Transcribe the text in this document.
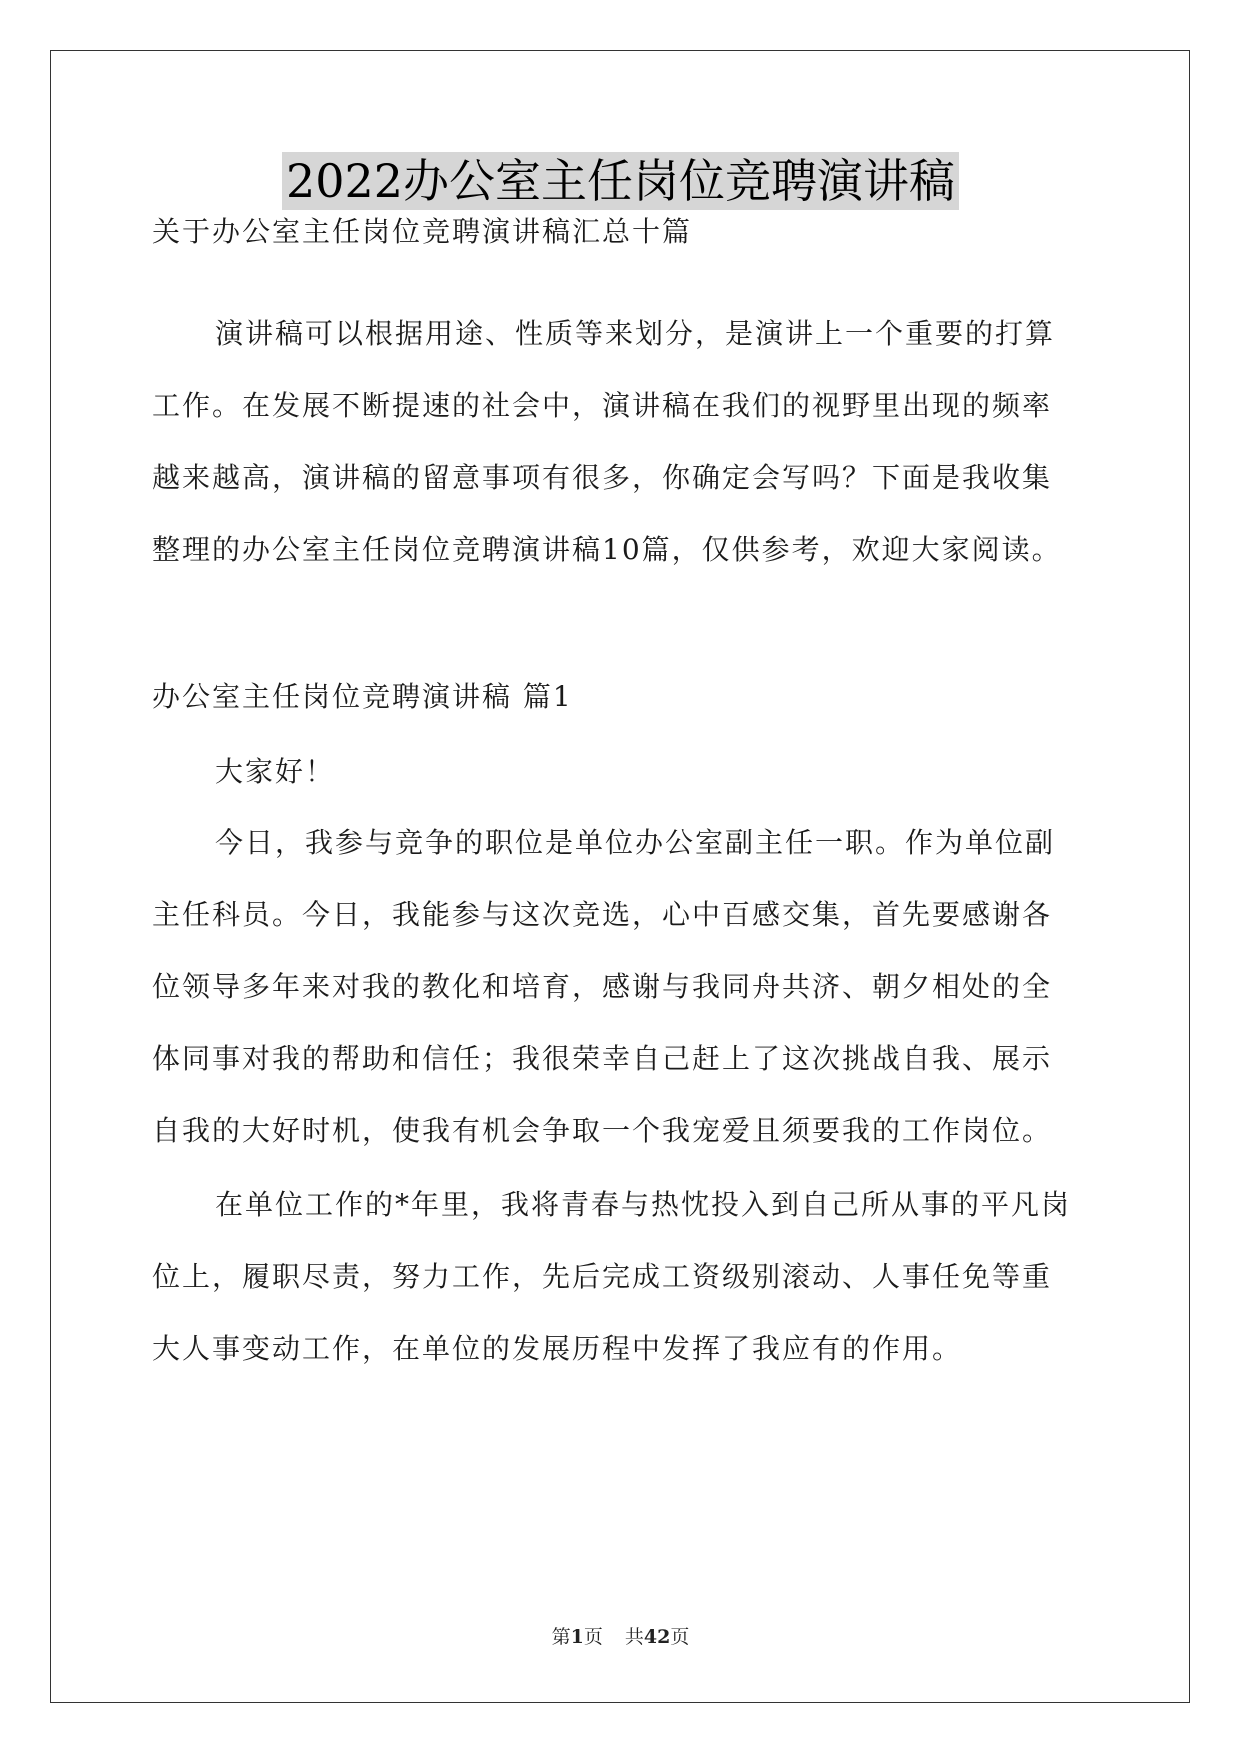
2022办公室主任岗位竞聘演讲稿
关于办公室主任岗位竞聘演讲稿汇总十篇
演讲稿可以根据用途、性质等来划分，是演讲上一个重要的打算
工作。在发展不断提速的社会中，演讲稿在我们的视野里出现的频率
越来越高，演讲稿的留意事项有很多，你确定会写吗？下面是我收集
整理的办公室主任岗位竞聘演讲稿10篇，仅供参考，欢迎大家阅读。
办公室主任岗位竞聘演讲稿 篇1
大家好！
今日，我参与竞争的职位是单位办公室副主任一职。作为单位副
主任科员。今日，我能参与这次竞选，心中百感交集，首先要感谢各
位领导多年来对我的教化和培育，感谢与我同舟共济、朝夕相处的全
体同事对我的帮助和信任；我很荣幸自己赶上了这次挑战自我、展示
自我的大好时机，使我有机会争取一个我宠爱且须要我的工作岗位。
在单位工作的*年里，我将青春与热忱投入到自己所从事的平凡岗
位上，履职尽责，努力工作，先后完成工资级别滚动、人事任免等重
大人事变动工作，在单位的发展历程中发挥了我应有的作用。
第1页 共42页
